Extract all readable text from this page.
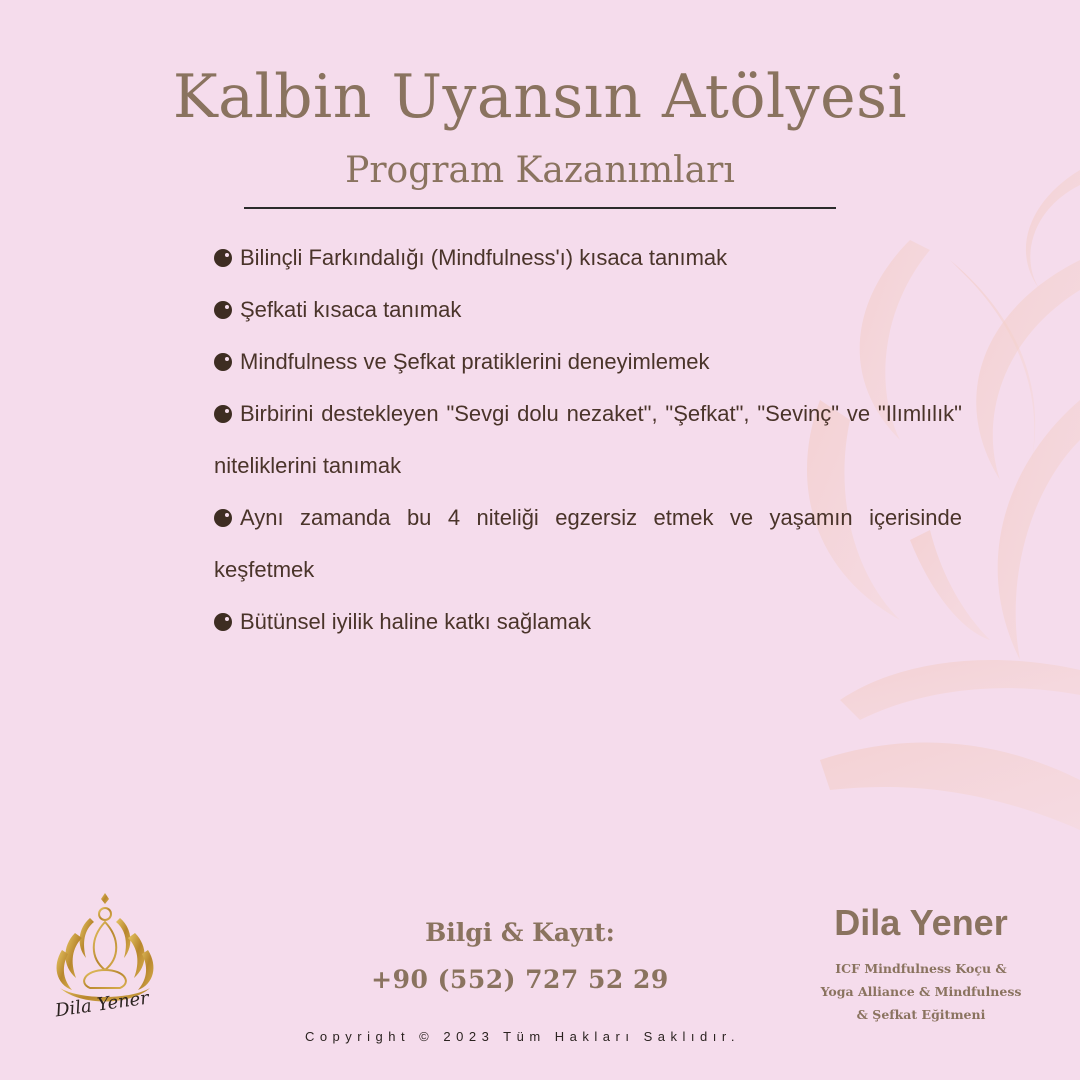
Kalbin Uyansın Atölyesi
Program Kazanımları
Bilinçli Farkındalığı (Mindfulness'ı) kısaca tanımak
Şefkati kısaca tanımak
Mindfulness ve Şefkat pratiklerini deneyimlemek
Birbirini destekleyen "Sevgi dolu nezaket", "Şefkat", "Sevinç" ve "Ilımlılık" niteliklerini tanımak
Aynı zamanda bu 4 niteliği egzersiz etmek ve yaşamın içerisinde keşfetmek
Bütünsel iyilik haline katkı sağlamak
Dila Yener
Bilgi & Kayıt:
+90 (552) 727 52 29
Dila Yener
ICF Mindfulness Koçu &
Yoga Alliance & Mindfulness
& Şefkat Eğitmeni
Copyright © 2023 Tüm Hakları Saklıdır.
